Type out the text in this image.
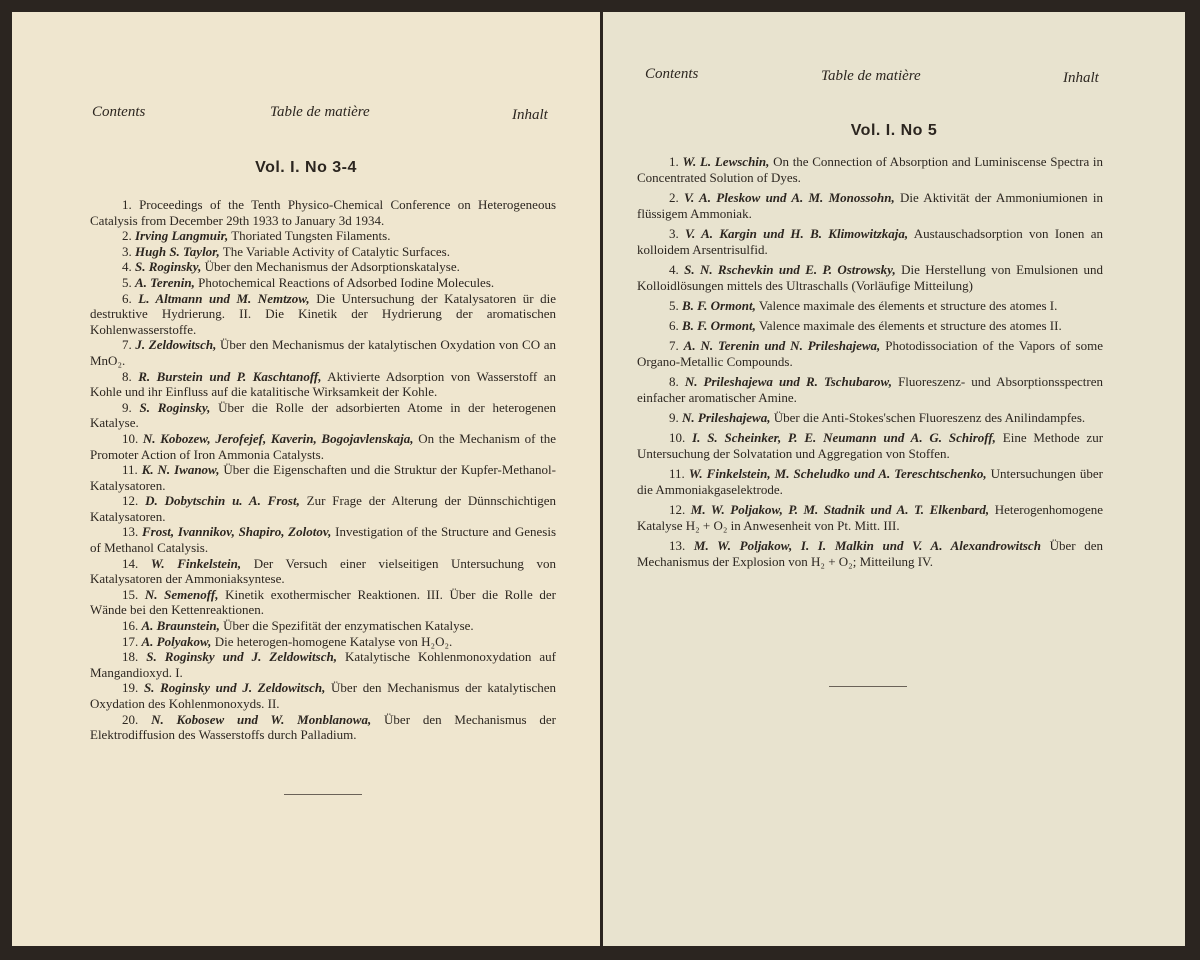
Contents	Table de matière	Inhalt
Vol. I. No 3-4
1. Proceedings of the Tenth Physico-Chemical Conference on Heterogeneous Catalysis from December 29th 1933 to January 3d 1934.
2. Irving Langmuir, Thoriated Tungsten Filaments.
3. Hugh S. Taylor, The Variable Activity of Catalytic Surfaces.
4. S. Roginsky, Über den Mechanismus der Adsorptionskatalyse.
5. A. Terenin, Photochemical Reactions of Adsorbed Iodine Molecules.
6. L. Altmann und M. Nemtzow, Die Untersuchung der Katalysatoren ür die destruktive Hydrierung. II. Die Kinetik der Hydrierung der aromatischen Kohlenwasserstoffe.
7. J. Zeldowitsch, Über den Mechanismus der katalytischen Oxydation von CO an MnO₂.
8. R. Burstein und P. Kaschtanoff, Aktivierte Adsorption von Wasserstoff an Kohle und ihr Einfluss auf die katalitische Wirksamkeit der Kohle.
9. S. Roginsky, Über die Rolle der adsorbierten Atome in der heterogenen Katalyse.
10. N. Kobozew, Jerofejef, Kaverin, Bogojavlenskaja, On the Mechanism of the Promoter Action of Iron Ammonia Catalysts.
11. K. N. Iwanow, Über die Eigenschaften und die Struktur der Kupfer-Methanol-Katalysatoren.
12. D. Dobytschin u. A. Frost, Zur Frage der Alterung der Dünnschichtigen Katalysatoren.
13. Frost, Ivannikov, Shapiro, Zolotov, Investigation of the Structure and Genesis of Methanol Catalysis.
14. W. Finkelstein, Der Versuch einer vielseitigen Untersuchung von Katalysatoren der Ammoniaksyntese.
15. N. Semenoff, Kinetik exothermischer Reaktionen. III. Über die Rolle der Wände bei den Kettenreaktionen.
16. A. Braunstein, Über die Spezifität der enzymatischen Katalyse.
17. A. Polyakow, Die heterogen-homogene Katalyse von H₂O₂.
18. S. Roginsky und J. Zeldowitsch, Katalytische Kohlenmonoxydation auf Mangandioxyd. I.
19. S. Roginsky und J. Zeldowitsch, Über den Mechanismus der katalytischen Oxydation des Kohlenmonoxyds. II.
20. N. Kobosew und W. Monblanowa, Über den Mechanismus der Elektrodiffusion des Wasserstoffs durch Palladium.
Contents	Table de matière	Inhalt
Vol. I. No 5
1. W. L. Lewschin, On the Connection of Absorption and Luminiscense Spectra in Concentrated Solution of Dyes.
2. V. A. Pleskow und A. M. Monossohn, Die Aktivität der Ammoniumionen in flüssigem Ammoniak.
3. V. A. Kargin und H. B. Klimowitzkaja, Austauschadsorption von Ionen an kolloidem Arsentrisulfid.
4. S. N. Rschevkin und E. P. Ostrowsky, Die Herstellung von Emulsionen und Kolloidlösungen mittels des Ultraschalls (Vorläufige Mitteilung)
5. B. F. Ormont, Valence maximale des élements et structure des atomes I.
6. B. F. Ormont, Valence maximale des élements et structure des atomes II.
7. A. N. Terenin und N. Prileshajewa, Photodissociation of the Vapors of some Organo-Metallic Compounds.
8. N. Prileshajewa und R. Tschubarow, Fluoreszenz- und Absorptionsspectren einfacher aromatischer Amine.
9. N. Prileshajewa, Über die Anti-Stokes'schen Fluoreszenz des Anilindampfes.
10. I. S. Scheinker, P. E. Neumann und A. G. Schiroff, Eine Methode zur Untersuchung der Solvatation und Aggregation von Stoffen.
11. W. Finkelstein, M. Scheludko und A. Tereschtschenko, Untersuchungen über die Ammoniakgaselektrode.
12. M. W. Poljakow, P. M. Stadnik und A. T. Elkenbard, Heterogenhomogene Katalyse H₂ + O₂ in Anwesenheit von Pt. Mitt. III.
13. M. W. Poljakow, I. I. Malkin und V. A. Alexandrowitsch Über den Mechanismus der Explosion von H₂ + O₂; Mitteilung IV.
